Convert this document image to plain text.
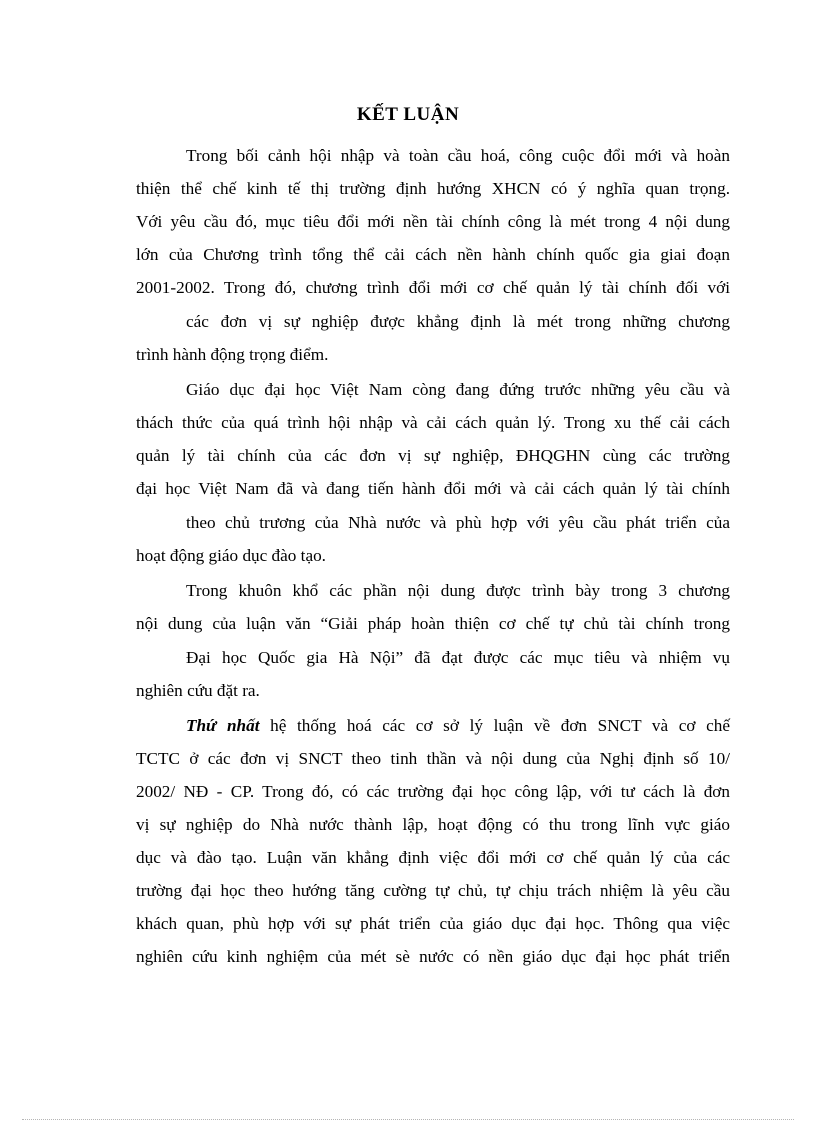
KẾT LUẬN
Trong bối cảnh hội nhập và toàn cầu hoá, công cuộc đổi mới và hoàn
thiện thể chế kinh tế thị trường định hướng XHCN có ý nghĩa quan trọng.
Với yêu cầu đó, mục tiêu đổi mới nền tài chính công là mét trong 4 nội dung
lớn của Chương trình tổng thể cải cách nền hành chính quốc gia giai đoạn
2001-2002. Trong đó, chương trình đổi mới cơ chế quản lý tài chính đối với
các đơn vị sự nghiệp được khẳng định là mét trong những chương
trình hành động trọng điểm.
Giáo dục đại học Việt Nam còng đang đứng trước những yêu cầu và
thách thức của quá trình hội nhập và cải cách quản lý. Trong xu thế cải cách
quản lý tài chính của các đơn vị sự nghiệp, ĐHQGHN cùng các trường
đại học Việt Nam đã và đang tiến hành đổi mới và cải cách quản lý tài chính
theo chủ trương của Nhà nước và phù hợp với yêu cầu phát triển của
hoạt động giáo dục đào tạo.
Trong khuôn khổ các phần nội dung được trình bày trong 3 chương
nội dung của luận văn “Giải pháp hoàn thiện cơ chế tự chủ tài chính trong
Đại học Quốc gia Hà Nội” đã đạt được các mục tiêu và nhiệm vụ
nghiên cứu đặt ra.
Thứ nhất hệ thống hoá các cơ sở lý luận về đơn SNCT và cơ chế
TCTC ở các đơn vị SNCT theo tinh thần và nội dung của Nghị định số 10/
2002/ NĐ - CP. Trong đó, có các trường đại học công lập, với tư cách là đơn
vị sự nghiệp do Nhà nước thành lập, hoạt động có thu trong lĩnh vực giáo
dục và đào tạo. Luận văn khẳng định việc đổi mới cơ chế quản lý của các
trường đại học theo hướng tăng cường tự chủ, tự chịu trách nhiệm là yêu cầu
khách quan, phù hợp với sự phát triển của giáo dục đại học. Thông qua việc
nghiên cứu kinh nghiệm của mét sè nước có nền giáo dục đại học phát triển
